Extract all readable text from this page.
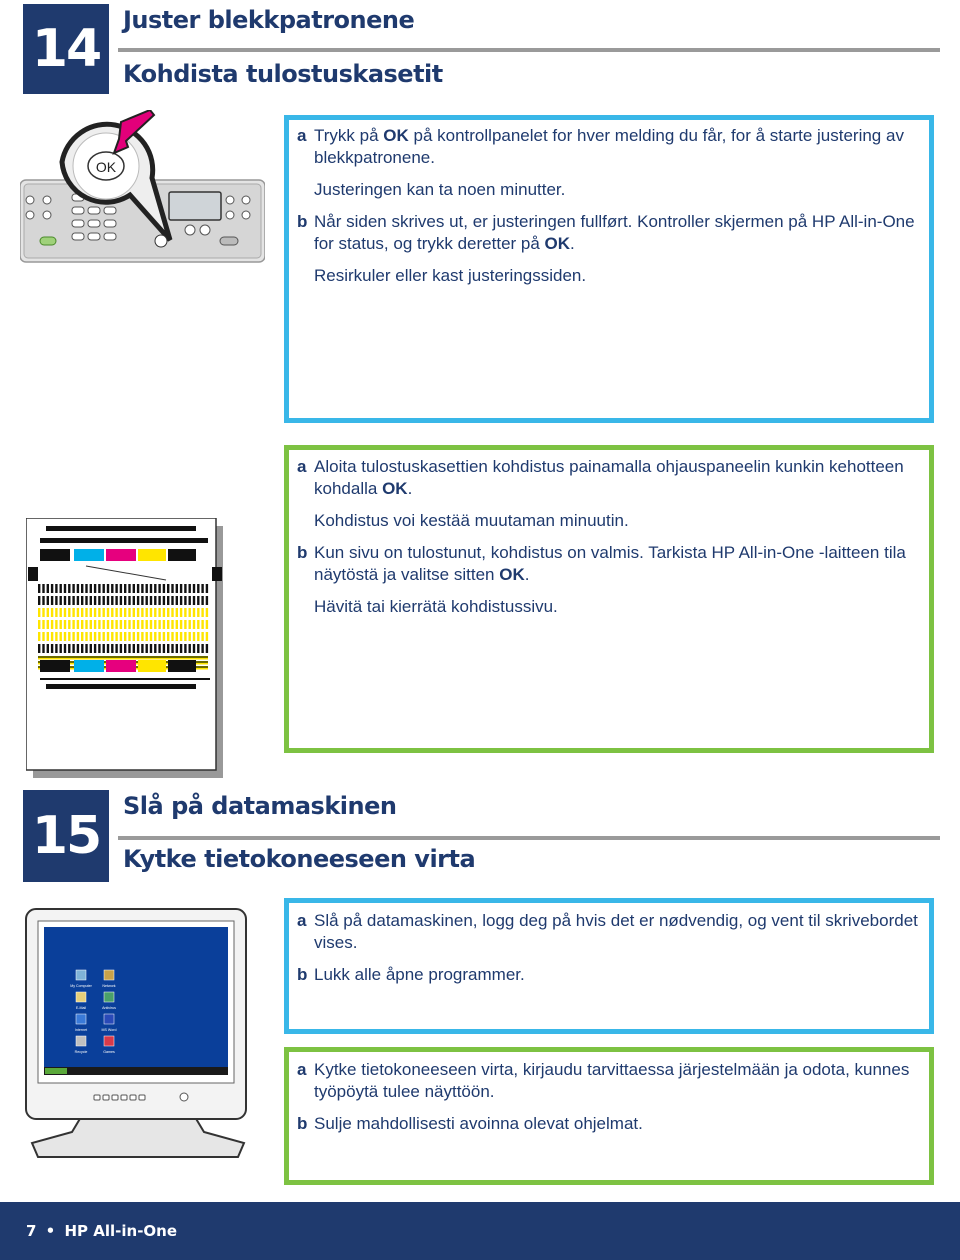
14 Juster blekkpatronene
Kohdista tulostuskasetit
OK

a Trykk på OK på kontrollpanelet for hver melding du får, for å starte justering av blekkpatronene.

Justeringen kan ta noen minutter.

b Når siden skrives ut, er justeringen fullført. Kontroller skjermen på HP All-in-One for status, og trykk deretter på OK.

Resirkuler eller kast justeringssiden.

a Aloita tulostuskasettien kohdistus painamalla ohjauspaneelin kunkin kehotteen kohdalla OK.

Kohdistus voi kestää muutaman minuutin.

b Kun sivu on tulostunut, kohdistus on valmis. Tarkista HP All-in-One -laitteen tila näytöstä ja valitse sitten OK.

Hävitä tai kierrätä kohdistussivu.

15 Slå på datamaskinen
Kytke tietokoneeseen virta
My Computer	Network
E-Mail	Antivirus
Internet	MS Word
Recycle	Games

a Slå på datamaskinen, logg deg på hvis det er nødvendig, og vent til skrivebordet vises.

b Lukk alle åpne programmer.

a Kytke tietokoneeseen virta, kirjaudu tarvittaessa järjestelmään ja odota, kunnes työpöytä tulee näyttöön.

b Sulje mahdollisesti avoinna olevat ohjelmat.

7 • HP All-in-One
